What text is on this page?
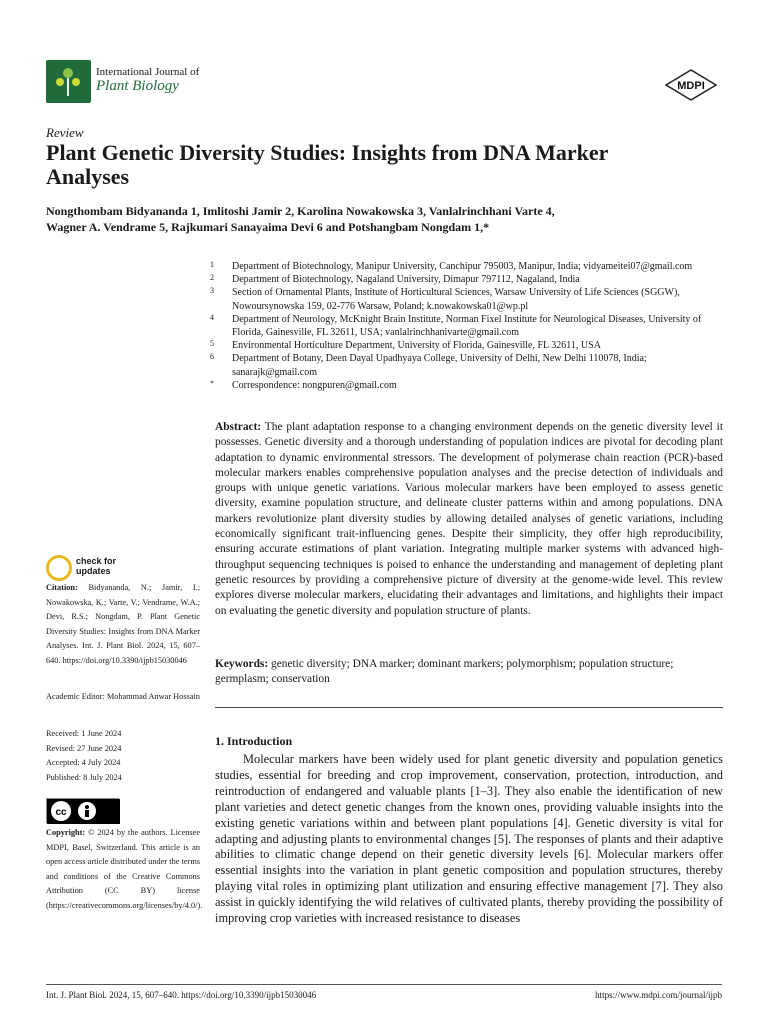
International Journal of
Plant Biology	MDPI
Review
Plant Genetic Diversity Studies: Insights from DNA Marker Analyses
Nongthombam Bidyananda 1, Imlitoshi Jamir 2, Karolina Nowakowska 3, Vanlalrinchhani Varte 4,
Wagner A. Vendrame 5, Rajkumari Sanayaima Devi 6 and Potshangbam Nongdam 1,*
1	Department of Biotechnology, Manipur University, Canchipur 795003, Manipur, India; vidyameitei07@gmail.com
2	Department of Biotechnology, Nagaland University, Dimapur 797112, Nagaland, India
3	Section of Ornamental Plants, Institute of Horticultural Sciences, Warsaw University of Life Sciences (SGGW), Nowoursynowska 159, 02-776 Warsaw, Poland; k.nowakowska01@wp.pl
4	Department of Neurology, McKnight Brain Institute, Norman Fixel Institute for Neurological Diseases, University of Florida, Gainesville, FL 32611, USA; vanlalrinchhanivarte@gmail.com
5	Environmental Horticulture Department, University of Florida, Gainesville, FL 32611, USA
6	Department of Botany, Deen Dayal Upadhyaya College, University of Delhi, New Delhi 110078, India; sanarajk@gmail.com
*	Correspondence: nongpuren@gmail.com
Abstract: The plant adaptation response to a changing environment depends on the genetic diversity level it possesses. Genetic diversity and a thorough understanding of population indices are pivotal for decoding plant adaptation to dynamic environmental stressors. The development of polymerase chain reaction (PCR)-based molecular markers enables comprehensive population analyses and the precise detection of individuals and groups with unique genetic variations. Various molecular markers have been employed to assess genetic diversity, examine population structure, and delineate cluster patterns within and among populations. DNA markers revolutionize plant diversity studies by allowing detailed analyses of genetic variations, including economically significant trait-influencing genes. Despite their simplicity, they offer high reproducibility, ensuring accurate estimations of plant variation. Integrating multiple marker systems with advanced high-throughput sequencing techniques is poised to enhance the understanding and management of depleting plant genetic resources by providing a comprehensive picture of diversity at the genome-wide level. This review explores diverse molecular markers, elucidating their advantages and limitations, and highlights their impact on evaluating the genetic diversity and population structure of plants.
Keywords: genetic diversity; DNA marker; dominant markers; polymorphism; population structure; germplasm; conservation
check for
updates
Citation: Bidyananda, N.; Jamir, I.; Nowakowska, K.; Varte, V.; Vendrame, W.A.; Devi, R.S.; Nongdam, P. Plant Genetic Diversity Studies: Insights from DNA Marker Analyses. Int. J. Plant Biol. 2024, 15, 607–640. https://doi.org/10.3390/ijpb15030046
Academic Editor: Mohammad Anwar Hossain
Received: 1 June 2024
Revised: 27 June 2024
Accepted: 4 July 2024
Published: 8 July 2024
cc
Copyright: © 2024 by the authors. Licensee MDPI, Basel, Switzerland. This article is an open access article distributed under the terms and conditions of the Creative Commons Attribution (CC BY) license (https://creativecommons.org/licenses/by/4.0/).
1. Introduction
Molecular markers have been widely used for plant genetic diversity and population genetics studies, essential for breeding and crop improvement, conservation, protection, introduction, and reintroduction of endangered and valuable plants [1–3]. They also enable the identification of new plant varieties and detect genetic changes from the known ones, providing valuable insights into the existing genetic variations within and between plant populations [4]. Genetic diversity is vital for adapting and adjusting plants to environmental changes [5]. The responses of plants and their adaptive abilities to climatic change depend on their genetic diversity levels [6]. Molecular markers offer essential insights into the variation in plant genetic composition and population structures, thereby playing vital roles in optimizing plant utilization and ensuring effective management [7]. They also assist in quickly identifying the wild relatives of cultivated plants, thereby providing the possibility of improving crop varieties with increased resistance to diseases
Int. J. Plant Biol. 2024, 15, 607–640. https://doi.org/10.3390/ijpb15030046	https://www.mdpi.com/journal/ijpb
